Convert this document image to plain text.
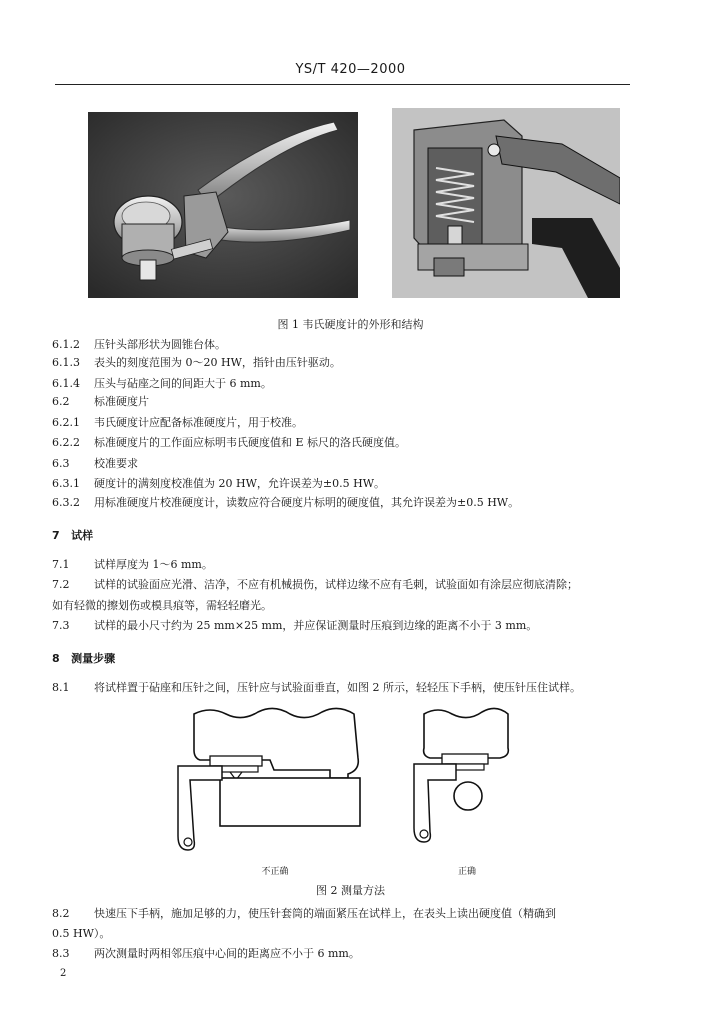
YS/T 420—2000
图 1 韦氏硬度计的外形和结构
6.1.2 压针头部形状为圆锥台体。
6.1.3 表头的刻度范围为 0～20 HW，指针由压针驱动。
6.1.4 压头与砧座之间的间距大于 6 mm。
6.2 标准硬度片
6.2.1 韦氏硬度计应配备标准硬度片，用于校准。
6.2.2 标准硬度片的工作面应标明韦氏硬度值和 E 标尺的洛氏硬度值。
6.3 校准要求
6.3.1 硬度计的满刻度校准值为 20 HW，允许误差为±0.5 HW。
6.3.2 用标准硬度片校准硬度计，读数应符合硬度片标明的硬度值，其允许误差为±0.5 HW。
7 试样
7.1 试样厚度为 1～6 mm。
7.2 试样的试验面应光滑、洁净，不应有机械损伤，试样边缘不应有毛刺，试验面如有涂层应彻底清除；
如有轻微的擦划伤或模具痕等，需轻轻磨光。
7.3 试样的最小尺寸约为 25 mm×25 mm，并应保证测量时压痕到边缘的距离不小于 3 mm。
8 测量步骤
8.1 将试样置于砧座和压针之间，压针应与试验面垂直，如图 2 所示，轻轻压下手柄，使压针压住试样。
不正确	正确
图 2 测量方法
8.2 快速压下手柄，施加足够的力，使压针套筒的端面紧压在试样上，在表头上读出硬度值（精确到
0.5 HW）。
8.3 两次测量时两相邻压痕中心间的距离应不小于 6 mm。
2
